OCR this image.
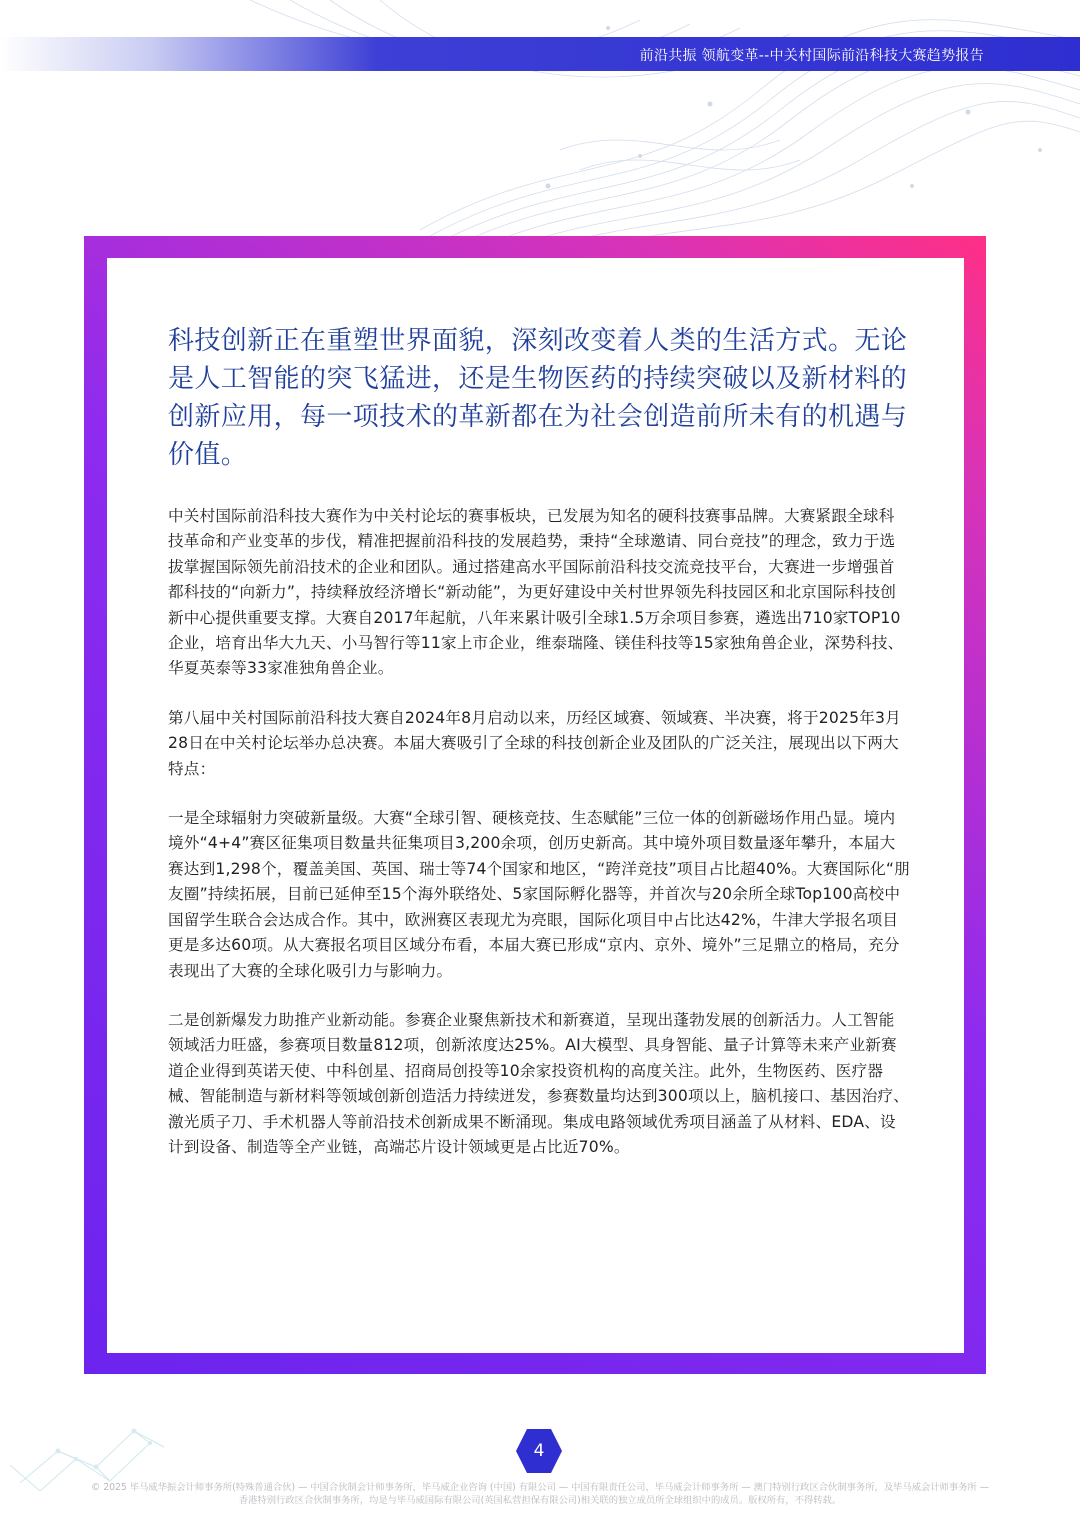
前沿共振 领航变革--中关村国际前沿科技大赛趋势报告

科技创新正在重塑世界面貌，深刻改变着人类的生活方式。无论是人工智能的突飞猛进，还是生物医药的持续突破以及新材料的创新应用，每一项技术的革新都在为社会创造前所未有的机遇与价值。

中关村国际前沿科技大赛作为中关村论坛的赛事板块，已发展为知名的硬科技赛事品牌。大赛紧跟全球科技革命和产业变革的步伐，精准把握前沿科技的发展趋势，秉持“全球邀请、同台竞技”的理念，致力于选拔掌握国际领先前沿技术的企业和团队。通过搭建高水平国际前沿科技交流竞技平台，大赛进一步增强首都科技的“向新力”，持续释放经济增长“新动能”，为更好建设中关村世界领先科技园区和北京国际科技创新中心提供重要支撑。大赛自2017年起航，八年来累计吸引全球1.5万余项目参赛，遴选出710家TOP10企业，培育出华大九天、小马智行等11家上市企业，维泰瑞隆、镁佳科技等15家独角兽企业，深势科技、华夏英泰等33家准独角兽企业。

第八届中关村国际前沿科技大赛自2024年8月启动以来，历经区域赛、领域赛、半决赛，将于2025年3月28日在中关村论坛举办总决赛。本届大赛吸引了全球的科技创新企业及团队的广泛关注，展现出以下两大特点：

一是全球辐射力突破新量级。大赛“全球引智、硬核竞技、生态赋能”三位一体的创新磁场作用凸显。境内境外“4+4”赛区征集项目数量共征集项目3,200余项，创历史新高。其中境外项目数量逐年攀升，本届大赛达到1,298个，覆盖美国、英国、瑞士等74个国家和地区，“跨洋竞技”项目占比超40%。大赛国际化“朋友圈”持续拓展，目前已延伸至15个海外联络处、5家国际孵化器等，并首次与20余所全球Top100高校中国留学生联合会达成合作。其中，欧洲赛区表现尤为亮眼，国际化项目中占比达42%，牛津大学报名项目更是多达60项。从大赛报名项目区域分布看，本届大赛已形成“京内、京外、境外”三足鼎立的格局，充分表现出了大赛的全球化吸引力与影响力。

二是创新爆发力助推产业新动能。参赛企业聚焦新技术和新赛道，呈现出蓬勃发展的创新活力。人工智能领域活力旺盛，参赛项目数量812项，创新浓度达25%。AI大模型、具身智能、量子计算等未来产业新赛道企业得到英诺天使、中科创星、招商局创投等10余家投资机构的高度关注。此外，生物医药、医疗器械、智能制造与新材料等领域创新创造活力持续迸发，参赛数量均达到300项以上，脑机接口、基因治疗、激光质子刀、手术机器人等前沿技术创新成果不断涌现。集成电路领域优秀项目涵盖了从材料、EDA、设计到设备、制造等全产业链，高端芯片设计领域更是占比近70%。

4
© 2025 毕马威华振会计师事务所(特殊普通合伙) — 中国合伙制会计师事务所，毕马威企业咨询 (中国) 有限公司 — 中国有限责任公司，毕马威会计师事务所 — 澳门特别行政区合伙制事务所，及毕马威会计师事务所 —
香港特别行政区合伙制事务所，均是与毕马威国际有限公司(英国私营担保有限公司)相关联的独立成员所全球组织中的成员。版权所有，不得转载。
